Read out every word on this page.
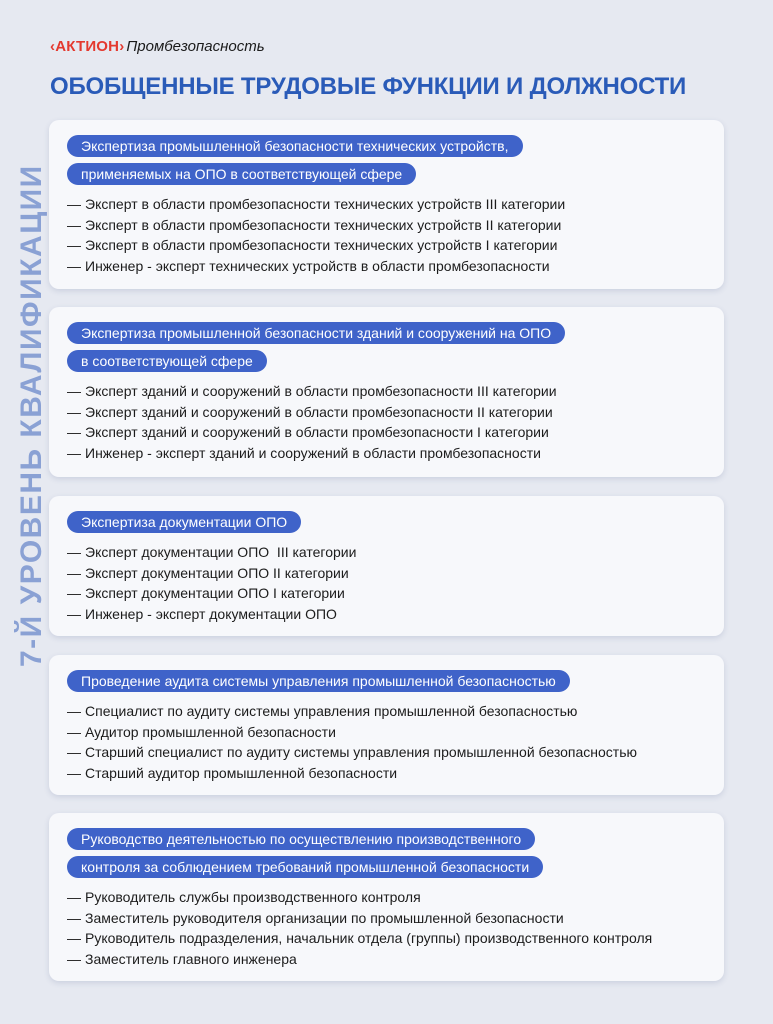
‹АКТИОН› Промбезопасность
ОБОБЩЕННЫЕ ТРУДОВЫЕ ФУНКЦИИ И ДОЛЖНОСТИ
7-Й УРОВЕНЬ КВАЛИФИКАЦИИ
Экспертиза промышленной безопасности технических устройств,
применяемых на ОПО в соответствующей сфере
— Эксперт в области промбезопасности технических устройств III категории
— Эксперт в области промбезопасности технических устройств II категории
— Эксперт в области промбезопасности технических устройств I категории
— Инженер - эксперт технических устройств в области промбезопасности
Экспертиза промышленной безопасности зданий и сооружений на ОПО
в соответствующей сфере
— Эксперт зданий и сооружений в области промбезопасности III категории
— Эксперт зданий и сооружений в области промбезопасности II категории
— Эксперт зданий и сооружений в области промбезопасности I категории
— Инженер - эксперт зданий и сооружений в области промбезопасности
Экспертиза документации ОПО
— Эксперт документации ОПО  III категории
— Эксперт документации ОПО II категории
— Эксперт документации ОПО I категории
— Инженер - эксперт документации ОПО
Проведение аудита системы управления промышленной безопасностью
— Специалист по аудиту системы управления промышленной безопасностью
— Аудитор промышленной безопасности
— Старший специалист по аудиту системы управления промышленной безопасностью
— Старший аудитор промышленной безопасности
Руководство деятельностью по осуществлению производственного
контроля за соблюдением требований промышленной безопасности
— Руководитель службы производственного контроля
— Заместитель руководителя организации по промышленной безопасности
— Руководитель подразделения, начальник отдела (группы) производственного контроля
— Заместитель главного инженера
